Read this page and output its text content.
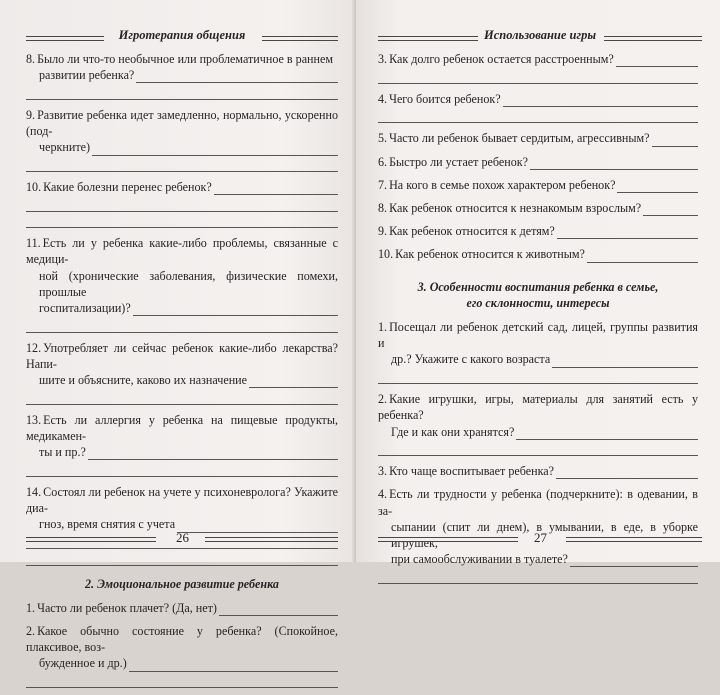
Игротерапия общения
8. Было ли что-то необычное или проблематичное в раннем
развитии ребенка?
9. Развитие ребенка идет замедленно, нормально, ускоренно (под-
черкните)
10. Какие болезни перенес ребенок?
11. Есть ли у ребенка какие-либо проблемы, связанные с медици-
ной (хронические заболевания, физические помехи, прошлые
госпитализации)?
12. Употребляет ли сейчас ребенок какие-либо лекарства? Напи-
шите и объясните, каково их назначение
13. Есть ли аллергия у ребенка на пищевые продукты, медикамен-
ты и пр.?
14. Состоял ли ребенок на учете у психоневролога? Укажите диа-
гноз, время снятия с учета
2. Эмоциональное развитие ребенка
1. Часто ли ребенок плачет? (Да, нет)
2. Какое обычно состояние у ребенка? (Спокойное, плаксивое, воз-
бужденное и др.)
26
Использование игры
3. Как долго ребенок остается расстроенным?
4. Чего боится ребенок?
5. Часто ли ребенок бывает сердитым, агрессивным?
6. Быстро ли устает ребенок?
7. На кого в семье похож характером ребенок?
8. Как ребенок относится к незнакомым взрослым?
9. Как ребенок относится к детям?
10. Как ребенок относится к животным?
3. Особенности воспитания ребенка в семье,
его склонности, интересы
1. Посещал ли ребенок детский сад, лицей, группы развития и
др.? Укажите с какого возраста
2. Какие игрушки, игры, материалы для занятий есть у ребенка?
Где и как они хранятся?
3. Кто чаще воспитывает ребенка?
4. Есть ли трудности у ребенка (подчеркните): в одевании, в за-
сыпании (спит ли днем), в умывании, в еде, в уборке игрушек,
при самообслуживании в туалете?
27
